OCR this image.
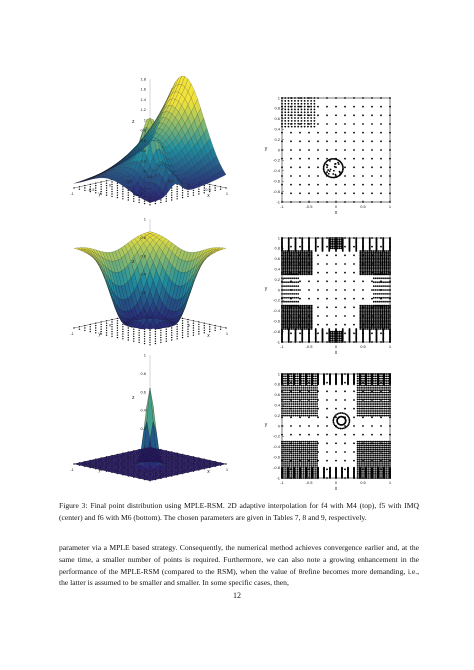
1.8
1.6
1.4
1.2
1
0.8
0.6
0.4
0.2
0
z
-1
-0.5
0
0.5
1
1
0.5
0
-0.5
-1	x
y
1
0.8
0.6
0.4
0.2
0
-0.2
-0.4
-0.6
-0.8
-1
-1	-0.5	0	0.5	1
x
y
1
0.8
0.6
0.4
0.2
0
z
-1
0
1
1
0
-1	x
y
1
0.8
0.6
0.4
0.2
0
-0.2
-0.4
-0.6
-0.8
-1
-1	-0.5	0	0.5	1
x
y
1
0.8
0.6
0.4
0.2
0
z
-1
-0.5
0
0.5
1
1
0.5
0
-0.5
-1	x
y
1
0.8
0.6
0.4
0.2
0
-0.2
-0.4
-0.6
-0.8
-1
-1	-0.5	0	0.5	1
x
y
Figure 3: Final point distribution using MPLE-RSM. 2D adaptive interpolation for f4 with M4 (top), f5 with IMQ (center) and f6 with M6 (bottom). The chosen parameters are given in Tables 7, 8 and 9, respectively.
parameter via a MPLE based strategy. Consequently, the numerical method achieves convergence earlier and, at the same time, a smaller number of points is required. Furthermore, we can also note a growing enhancement in the performance of the MPLE-RSM (compared to the RSM), when the value of θrefine becomes more demanding, i.e., the latter is assumed to be smaller and smaller. In some specific cases, then,
12
